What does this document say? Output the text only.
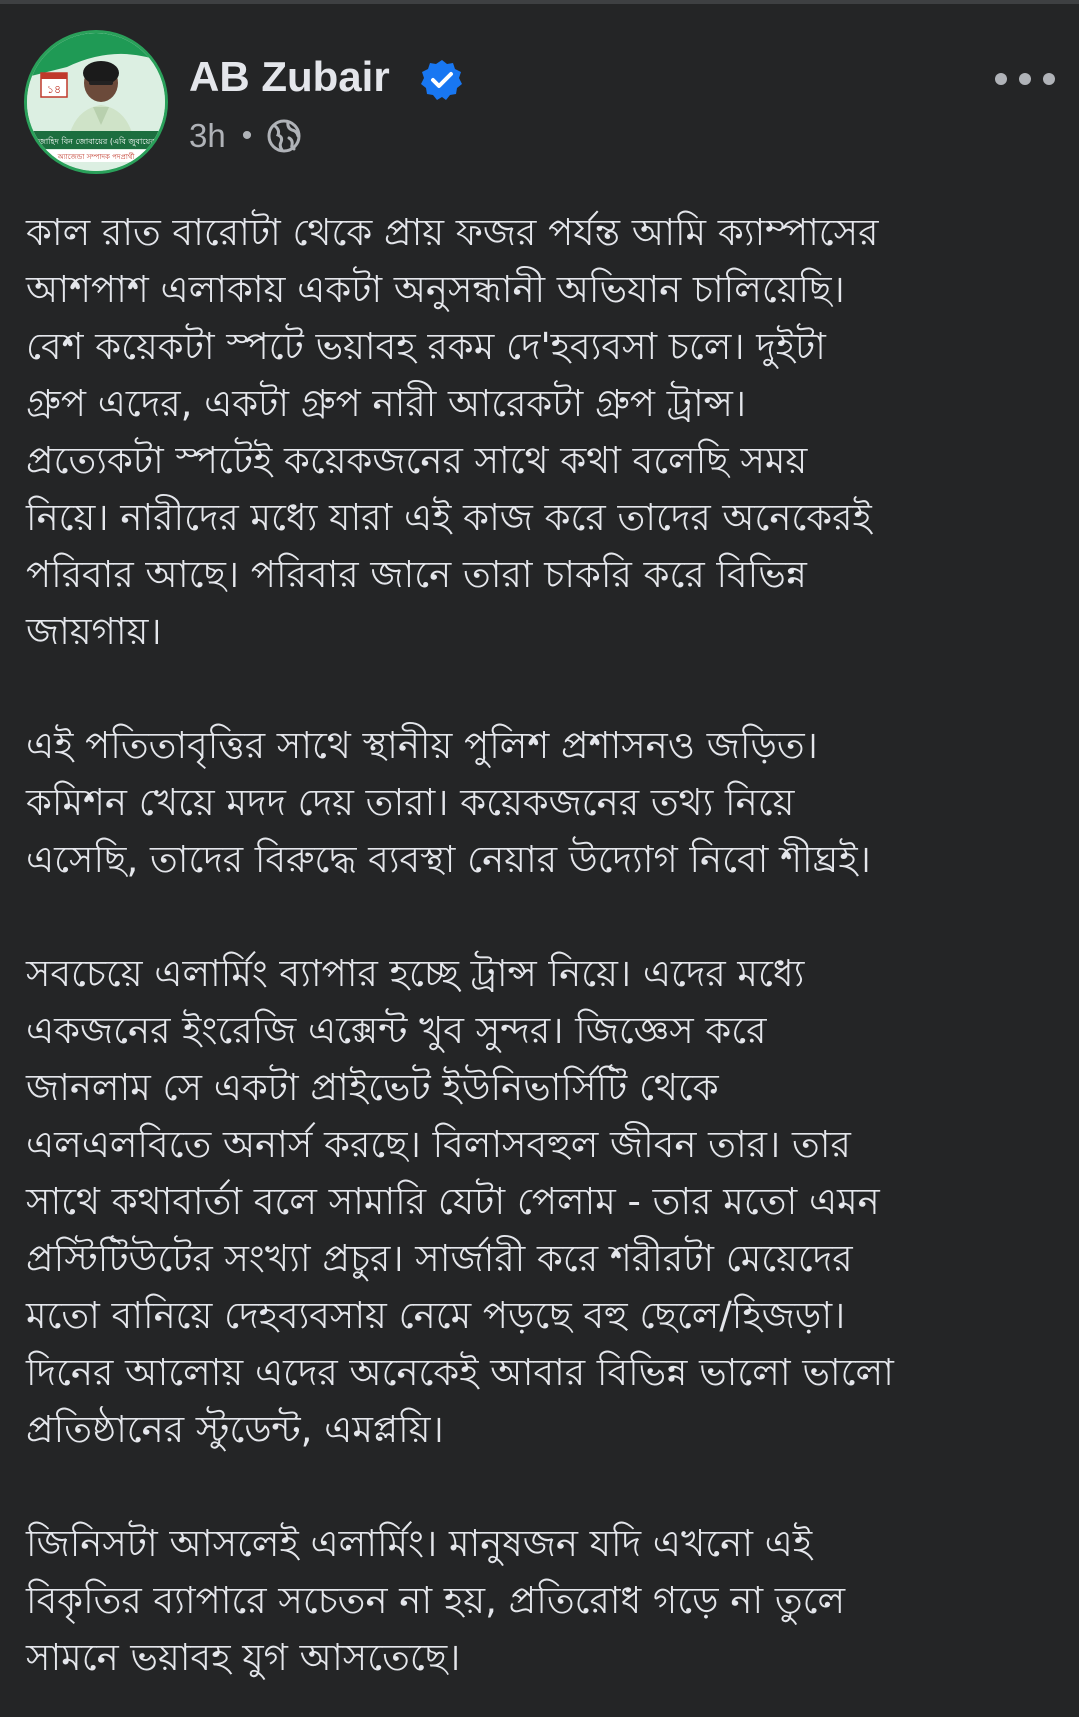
১৪
মুজাহিদ বিন জোবায়ের (এবি জুবায়ের)
অ্যাজেন্ডা সম্পাদক পদপ্রার্থী
AB Zubair
3h •

কাল রাত বারোটা থেকে প্রায় ফজর পর্যন্ত আমি ক্যাম্পাসের
আশপাশ এলাকায় একটা অনুসন্ধানী অভিযান চালিয়েছি।
বেশ কয়েকটা স্পটে ভয়াবহ রকম দে'হব্যবসা চলে। দুইটা
গ্রুপ এদের, একটা গ্রুপ নারী আরেকটা গ্রুপ ট্রান্স।
প্রত্যেকটা স্পটেই কয়েকজনের সাথে কথা বলেছি সময়
নিয়ে। নারীদের মধ্যে যারা এই কাজ করে তাদের অনেকেরই
পরিবার আছে। পরিবার জানে তারা চাকরি করে বিভিন্ন
জায়গায়।

এই পতিতাবৃত্তির সাথে স্থানীয় পুলিশ প্রশাসনও জড়িত।
কমিশন খেয়ে মদদ দেয় তারা। কয়েকজনের তথ্য নিয়ে
এসেছি, তাদের বিরুদ্ধে ব্যবস্থা নেয়ার উদ্যোগ নিবো শীঘ্রই।

সবচেয়ে এলার্মিং ব্যাপার হচ্ছে ট্রান্স নিয়ে। এদের মধ্যে
একজনের ইংরেজি এক্সেন্ট খুব সুন্দর। জিজ্ঞেস করে
জানলাম সে একটা প্রাইভেট ইউনিভার্সিটি থেকে
এলএলবিতে অনার্স করছে। বিলাসবহুল জীবন তার। তার
সাথে কথাবার্তা বলে সামারি যেটা পেলাম - তার মতো এমন
প্রস্টিটিউটের সংখ্যা প্রচুর। সার্জারী করে শরীরটা মেয়েদের
মতো বানিয়ে দেহব্যবসায় নেমে পড়ছে বহু ছেলে/হিজড়া।
দিনের আলোয় এদের অনেকেই আবার বিভিন্ন ভালো ভালো
প্রতিষ্ঠানের স্টুডেন্ট, এমপ্লয়ি।

জিনিসটা আসলেই এলার্মিং। মানুষজন যদি এখনো এই
বিকৃতির ব্যাপারে সচেতন না হয়, প্রতিরোধ গড়ে না তুলে
সামনে ভয়াবহ যুগ আসতেছে।
